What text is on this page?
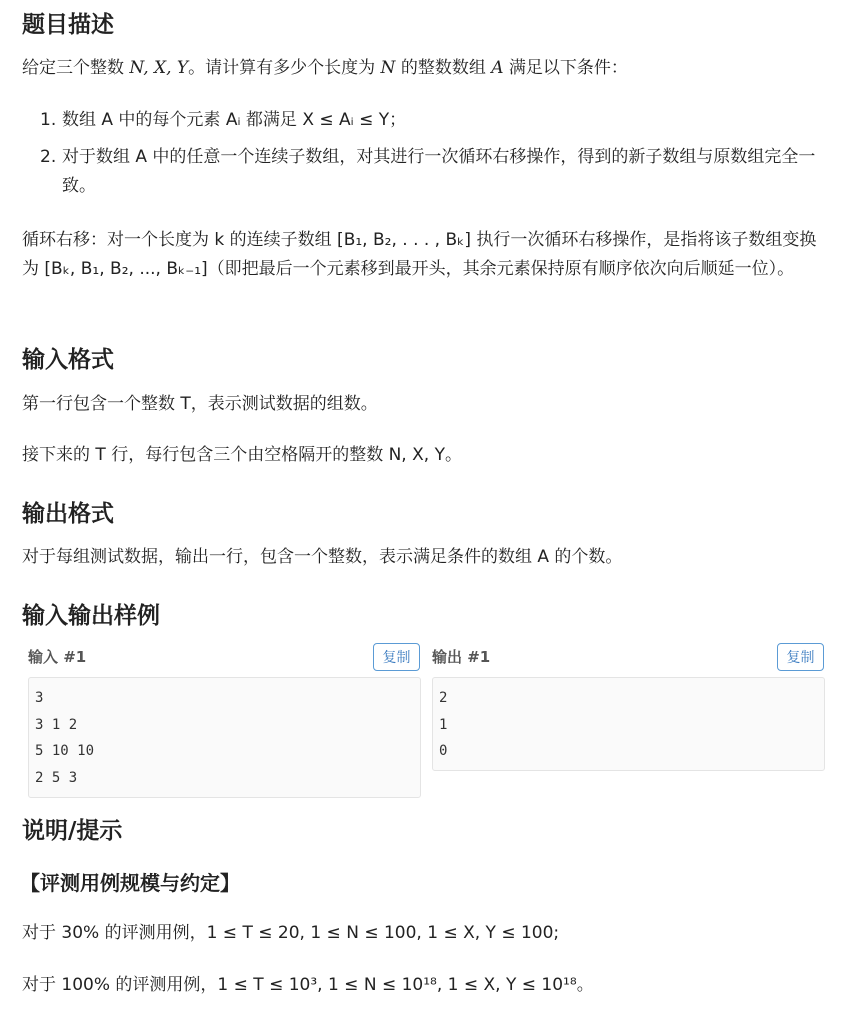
题目描述

给定三个整数 N, X, Y。请计算有多少个长度为 N 的整数数组 A 满足以下条件：

1. 数组 A 中的每个元素 Aᵢ 都满足 X ≤ Aᵢ ≤ Y；
2. 对于数组 A 中的任意一个连续子数组，对其进行一次循环右移操作，得到的新子数组与原数组完全一致。

循环右移：对一个长度为 k 的连续子数组 [B₁, B₂, . . . , Bₖ] 执行一次循环右移操作，是指将该子数组变换为 [Bₖ, B₁, B₂, ..., Bₖ₋₁]（即把最后一个元素移到最开头，其余元素保持原有顺序依次向后顺延一位）。

输入格式

第一行包含一个整数 T，表示测试数据的组数。

接下来的 T 行，每行包含三个由空格隔开的整数 N, X, Y。

输出格式

对于每组测试数据，输出一行，包含一个整数，表示满足条件的数组 A 的个数。

输入输出样例
输入 #1	复制
3
3 1 2
5 10 10
2 5 3
输出 #1	复制
2
1
0
说明/提示

【评测用例规模与约定】

对于 30% 的评测用例，1 ≤ T ≤ 20, 1 ≤ N ≤ 100, 1 ≤ X, Y ≤ 100;

对于 100% 的评测用例，1 ≤ T ≤ 10³, 1 ≤ N ≤ 10¹⁸, 1 ≤ X, Y ≤ 10¹⁸。
